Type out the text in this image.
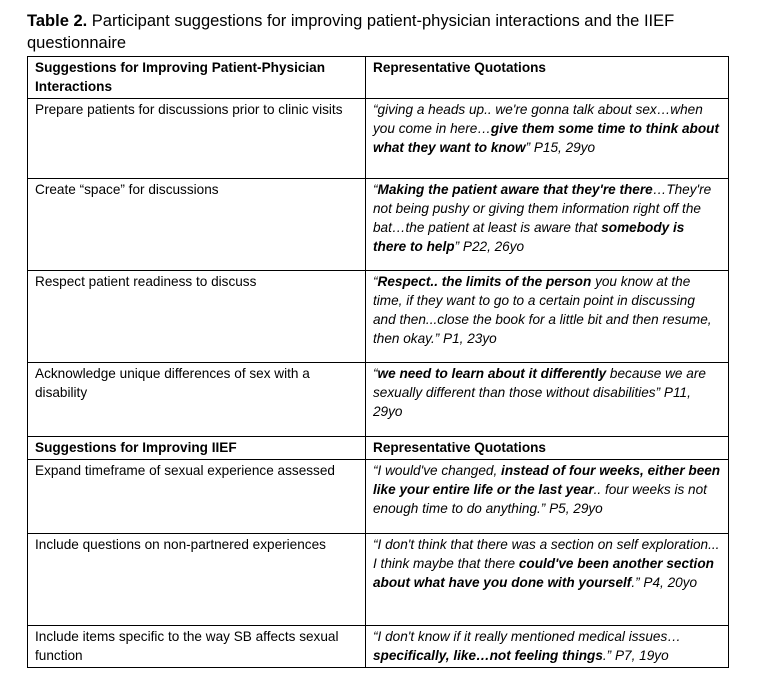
Table 2. Participant suggestions for improving patient-physician interactions and the IIEF questionnaire
Suggestions for Improving Patient-Physician Interactions	Representative Quotations
Prepare patients for discussions prior to clinic visits	“giving a heads up.. we're gonna talk about sex…when you come in here…give them some time to think about what they want to know” P15, 29yo
Create “space” for discussions	“Making the patient aware that they're there…They're not being pushy or giving them information right off the bat…the patient at least is aware that somebody is there to help” P22, 26yo
Respect patient readiness to discuss	“Respect.. the limits of the person you know at the time, if they want to go to a certain point in discussing and then...close the book for a little bit and then resume, then okay.” P1, 23yo
Acknowledge unique differences of sex with a disability	“we need to learn about it differently because we are sexually different than those without disabilities” P11, 29yo
Suggestions for Improving IIEF	Representative Quotations
Expand timeframe of sexual experience assessed	“I would've changed, instead of four weeks, either been like your entire life or the last year.. four weeks is not enough time to do anything.” P5, 29yo
Include questions on non-partnered experiences	“I don't think that there was a section on self exploration... I think maybe that there could've been another section about what have you done with yourself.” P4, 20yo
Include items specific to the way SB affects sexual function	“I don't know if it really mentioned medical issues…specifically, like…not feeling things.” P7, 19yo
